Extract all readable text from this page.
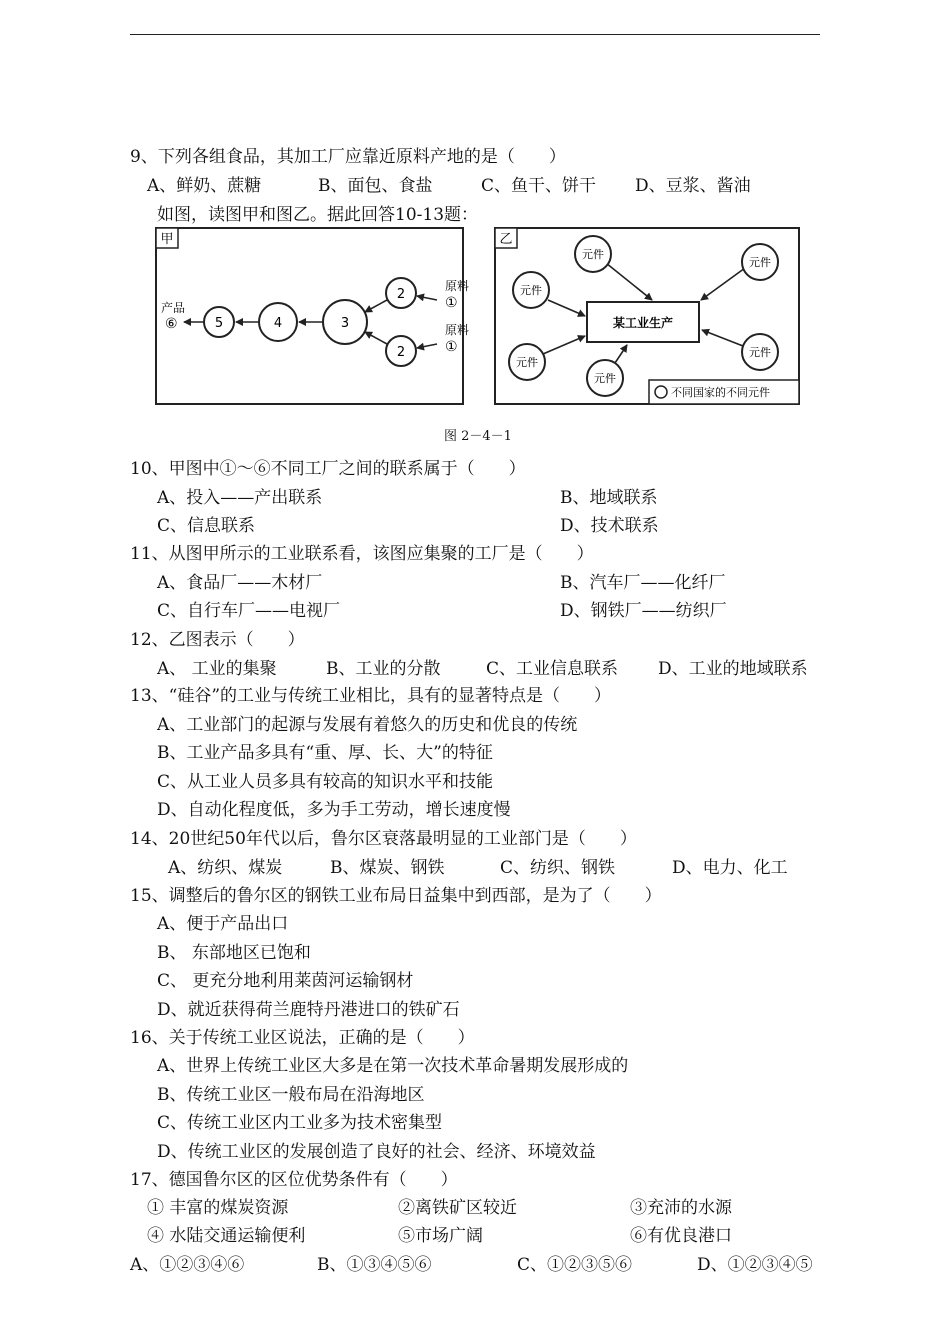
9、下列各组食品，其加工厂应靠近原料产地的是（　　）
A、鲜奶、蔗糖	B、面包、食盐	C、鱼干、饼干 D、豆浆、酱油
如图，读图甲和图乙。据此回答10-13题：
甲
2
2
3
4
5
原料
①
原料
①
产品
⑥
乙
某工业生产
元件
元件
元件
元件
元件
元件
不同国家的不同元件
图 2－4－1
10、甲图中①～⑥不同工厂之间的联系属于（　　）
A、投入——产出联系	B、地域联系
C、信息联系	D、技术联系
11、从图甲所示的工业联系看，该图应集聚的工厂是（　　）
A、食品厂——木材厂	B、汽车厂——化纤厂
C、自行车厂——电视厂	D、钢铁厂——纺织厂
12、乙图表示（　　）
A、 工业的集聚	B、工业的分散	C、工业信息联系 D、工业的地域联系
13、“硅谷”的工业与传统工业相比，具有的显著特点是（　　）
A、工业部门的起源与发展有着悠久的历史和优良的传统
B、工业产品多具有“重、厚、长、大”的特征
C、从工业人员多具有较高的知识水平和技能
D、自动化程度低，多为手工劳动，增长速度慢
14、20世纪50年代以后，鲁尔区衰落最明显的工业部门是（　　）
A、纺织、煤炭	B、煤炭、钢铁	C、纺织、钢铁	D、电力、化工
15、调整后的鲁尔区的钢铁工业布局日益集中到西部，是为了（　　）
A、便于产品出口
B、 东部地区已饱和
C、 更充分地利用莱茵河运输钢材
D、就近获得荷兰鹿特丹港进口的铁矿石
16、关于传统工业区说法，正确的是（　　）
A、世界上传统工业区大多是在第一次技术革命暑期发展形成的
B、传统工业区一般布局在沿海地区
C、传统工业区内工业多为技术密集型
D、传统工业区的发展创造了良好的社会、经济、环境效益
17、德国鲁尔区的区位优势条件有（　　）
① 丰富的煤炭资源	②离铁矿区较近	③充沛的水源
④ 水陆交通运输便利	⑤市场广阔	⑥有优良港口
A、①②③④⑥	B、①③④⑤⑥	C、①②③⑤⑥	D、①②③④⑤
